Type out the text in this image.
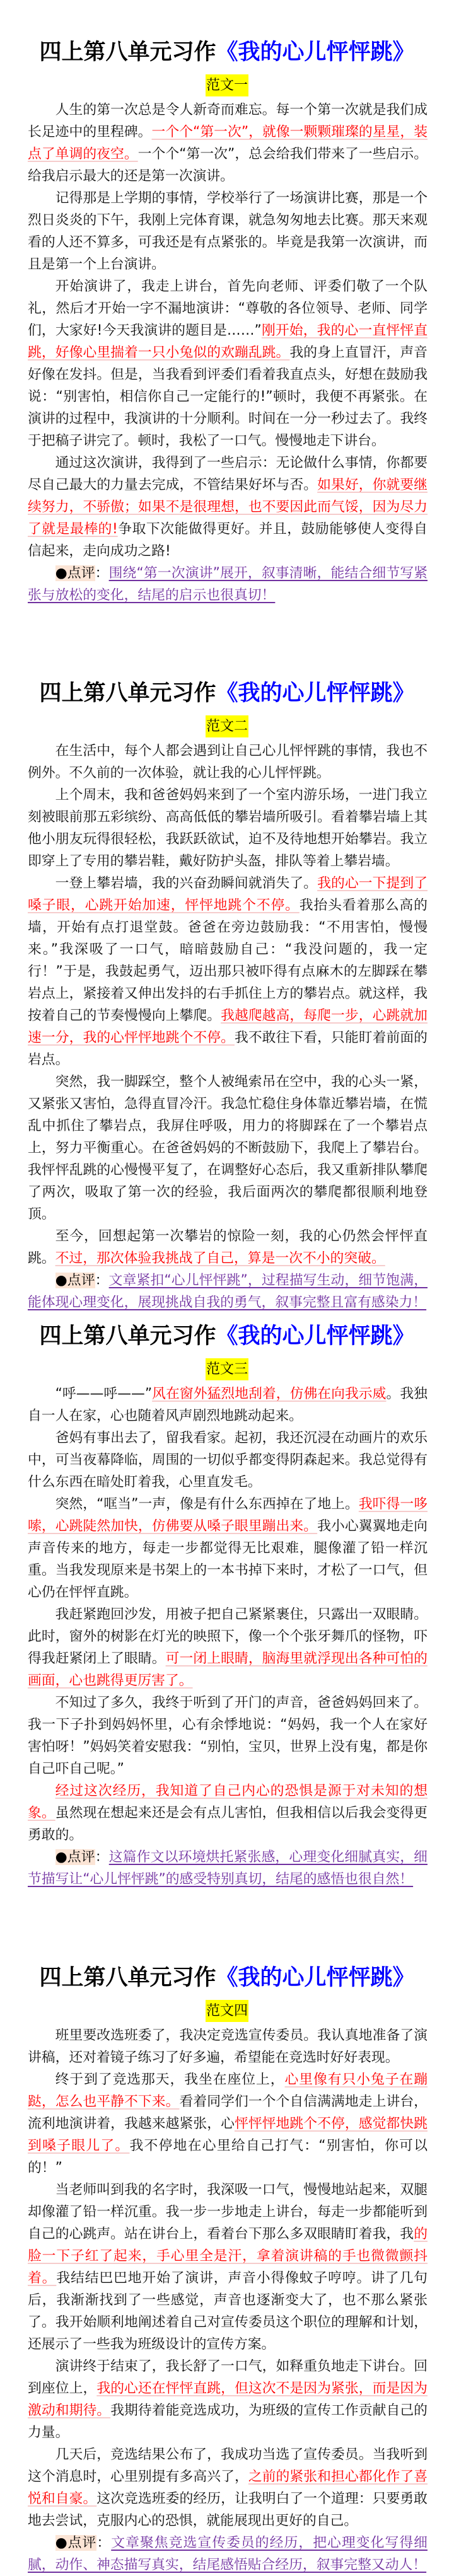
四上第八单元习作《我的心儿怦怦跳》
范文一

人生的第一次总是令人新奇而难忘。每一个第一次就是我们成长足迹中的里程碑。一个个“第一次”，就像一颗颗璀璨的星星，装点了单调的夜空。一个个“第一次”，总会给我们带来了一些启示。给我启示最大的还是第一次演讲。

记得那是上学期的事情，学校举行了一场演讲比赛，那是一个烈日炎炎的下午，我刚上完体育课，就急匆匆地去比赛。那天来观看的人还不算多，可我还是有点紧张的。毕竟是我第一次演讲，而且是第一个上台演讲。

开始演讲了，我走上讲台，首先向老师、评委们敬了一个队礼，然后才开始一字不漏地演讲：“尊敬的各位领导、老师、同学们，大家好!今天我演讲的题目是……”刚开始，我的心一直怦怦直跳，好像心里揣着一只小兔似的欢蹦乱跳。我的身上直冒汗，声音好像在发抖。但是，当我看到评委们看着我直点头，好想在鼓励我说：“别害怕，相信你自己一定能行的!”顿时，我便不再紧张。在演讲的过程中，我演讲的十分顺利。时间在一分一秒过去了。我终于把稿子讲完了。顿时，我松了一口气。慢慢地走下讲台。

通过这次演讲，我得到了一些启示：无论做什么事情，你都要尽自己最大的力量去完成，不管结果好坏与否。如果好，你就要继续努力，不骄傲；如果不是很理想，也不要因此而气馁，因为尽力了就是最棒的!争取下次能做得更好。并且，鼓励能够使人变得自信起来，走向成功之路!

●点评：围绕“第一次演讲”展开，叙事清晰，能结合细节写紧张与放松的变化，结尾的启示也很真切！

四上第八单元习作《我的心儿怦怦跳》
范文二

在生活中，每个人都会遇到让自己心儿怦怦跳的事情，我也不例外。不久前的一次体验，就让我的心儿怦怦跳。

上个周末，我和爸爸妈妈来到了一个室内游乐场，一进门我立刻被眼前那五彩缤纷、高高低低的攀岩墙所吸引。看着攀岩墙上其他小朋友玩得很轻松，我跃跃欲试，迫不及待地想开始攀岩。我立即穿上了专用的攀岩鞋，戴好防护头盔，排队等着上攀岩墙。

一登上攀岩墙，我的兴奋劲瞬间就消失了。我的心一下提到了嗓子眼，心跳开始加速，怦怦地跳个不停。我抬头看着那么高的墙，开始有点打退堂鼓。爸爸在旁边鼓励我：“不用害怕，慢慢来。”我深吸了一口气，暗暗鼓励自己：“我没问题的，我一定行！”于是，我鼓起勇气，迈出那只被吓得有点麻木的左脚踩在攀岩点上，紧接着又伸出发抖的右手抓住上方的攀岩点。就这样，我按着自己的节奏慢慢向上攀爬。我越爬越高，每爬一步，心跳就加速一分，我的心怦怦地跳个不停。我不敢往下看，只能盯着前面的岩点。

突然，我一脚踩空，整个人被绳索吊在空中，我的心头一紧，又紧张又害怕，急得直冒冷汗。我急忙稳住身体靠近攀岩墙，在慌乱中抓住了攀岩点，我屏住呼吸，用力的将脚踩在了一个攀岩点上，努力平衡重心。在爸爸妈妈的不断鼓励下，我爬上了攀岩台。我怦怦乱跳的心慢慢平复了，在调整好心态后，我又重新排队攀爬了两次，吸取了第一次的经验，我后面两次的攀爬都很顺利地登顶。

至今，回想起第一次攀岩的惊险一刻，我的心仍然会怦怦直跳。不过，那次体验我挑战了自己，算是一次不小的突破。

●点评：文章紧扣“心儿怦怦跳”，过程描写生动，细节饱满，能体现心理变化，展现挑战自我的勇气，叙事完整且富有感染力！

四上第八单元习作《我的心儿怦怦跳》
范文三

“呼——呼——”风在窗外猛烈地刮着，仿佛在向我示威。我独自一人在家，心也随着风声剧烈地跳动起来。

爸妈有事出去了，留我看家。起初，我还沉浸在动画片的欢乐中，可当夜幕降临，周围的一切似乎都变得阴森起来。我总觉得有什么东西在暗处盯着我，心里直发毛。

突然，“哐当”一声，像是有什么东西掉在了地上。我吓得一哆嗦，心跳陡然加快，仿佛要从嗓子眼里蹦出来。我小心翼翼地走向声音传来的地方，每走一步都觉得无比艰难，腿像灌了铅一样沉重。当我发现原来是书架上的一本书掉下来时，才松了一口气，但心仍在怦怦直跳。

我赶紧跑回沙发，用被子把自己紧紧裹住，只露出一双眼睛。此时，窗外的树影在灯光的映照下，像一个个张牙舞爪的怪物，吓得我赶紧闭上了眼睛。可一闭上眼睛，脑海里就浮现出各种可怕的画面，心也跳得更厉害了。

不知过了多久，我终于听到了开门的声音，爸爸妈妈回来了。我一下子扑到妈妈怀里，心有余悸地说：“妈妈，我一个人在家好害怕呀！”妈妈笑着安慰我：“别怕，宝贝，世界上没有鬼，都是你自己吓自己呢。”

经过这次经历，我知道了自己内心的恐惧是源于对未知的想象。虽然现在想起来还是会有点儿害怕，但我相信以后我会变得更勇敢的。

●点评：这篇作文以环境烘托紧张感，心理变化细腻真实，细节描写让“心儿怦怦跳”的感受特别真切，结尾的感悟也很自然！

四上第八单元习作《我的心儿怦怦跳》
范文四

班里要改选班委了，我决定竞选宣传委员。我认真地准备了演讲稿，还对着镜子练习了好多遍，希望能在竞选时好好表现。

终于到了竞选那天，我坐在座位上，心里像有只小兔子在蹦跶，怎么也平静不下来。看着同学们一个个自信满满地走上讲台，流利地演讲着，我越来越紧张，心怦怦怦地跳个不停，感觉都快跳到嗓子眼儿了。我不停地在心里给自己打气：“别害怕，你可以的！”

当老师叫到我的名字时，我深吸一口气，慢慢地站起来，双腿却像灌了铅一样沉重。我一步一步地走上讲台，每走一步都能听到自己的心跳声。站在讲台上，看着台下那么多双眼睛盯着我，我的脸一下子红了起来，手心里全是汗，拿着演讲稿的手也微微颤抖着。我结结巴巴地开始了演讲，声音小得像蚊子哼哼。讲了几句后，我渐渐找到了一些感觉，声音也逐渐变大了，也不那么紧张了。我开始顺利地阐述着自己对宣传委员这个职位的理解和计划，还展示了一些我为班级设计的宣传方案。

演讲终于结束了，我长舒了一口气，如释重负地走下讲台。回到座位上，我的心还在怦怦直跳，但这次不是因为紧张，而是因为激动和期待。我期待着能竞选成功，为班级的宣传工作贡献自己的力量。

几天后，竞选结果公布了，我成功当选了宣传委员。当我听到这个消息时，心里别提有多高兴了，之前的紧张和担心都化作了喜悦和自豪。这次竞选班委的经历，让我明白了一个道理：只要勇敢地去尝试，克服内心的恐惧，就能展现出更好的自己。

●点评：文章聚焦竞选宣传委员的经历，把心理变化写得细腻，动作、神态描写真实，结尾感悟贴合经历，叙事完整又动人！
